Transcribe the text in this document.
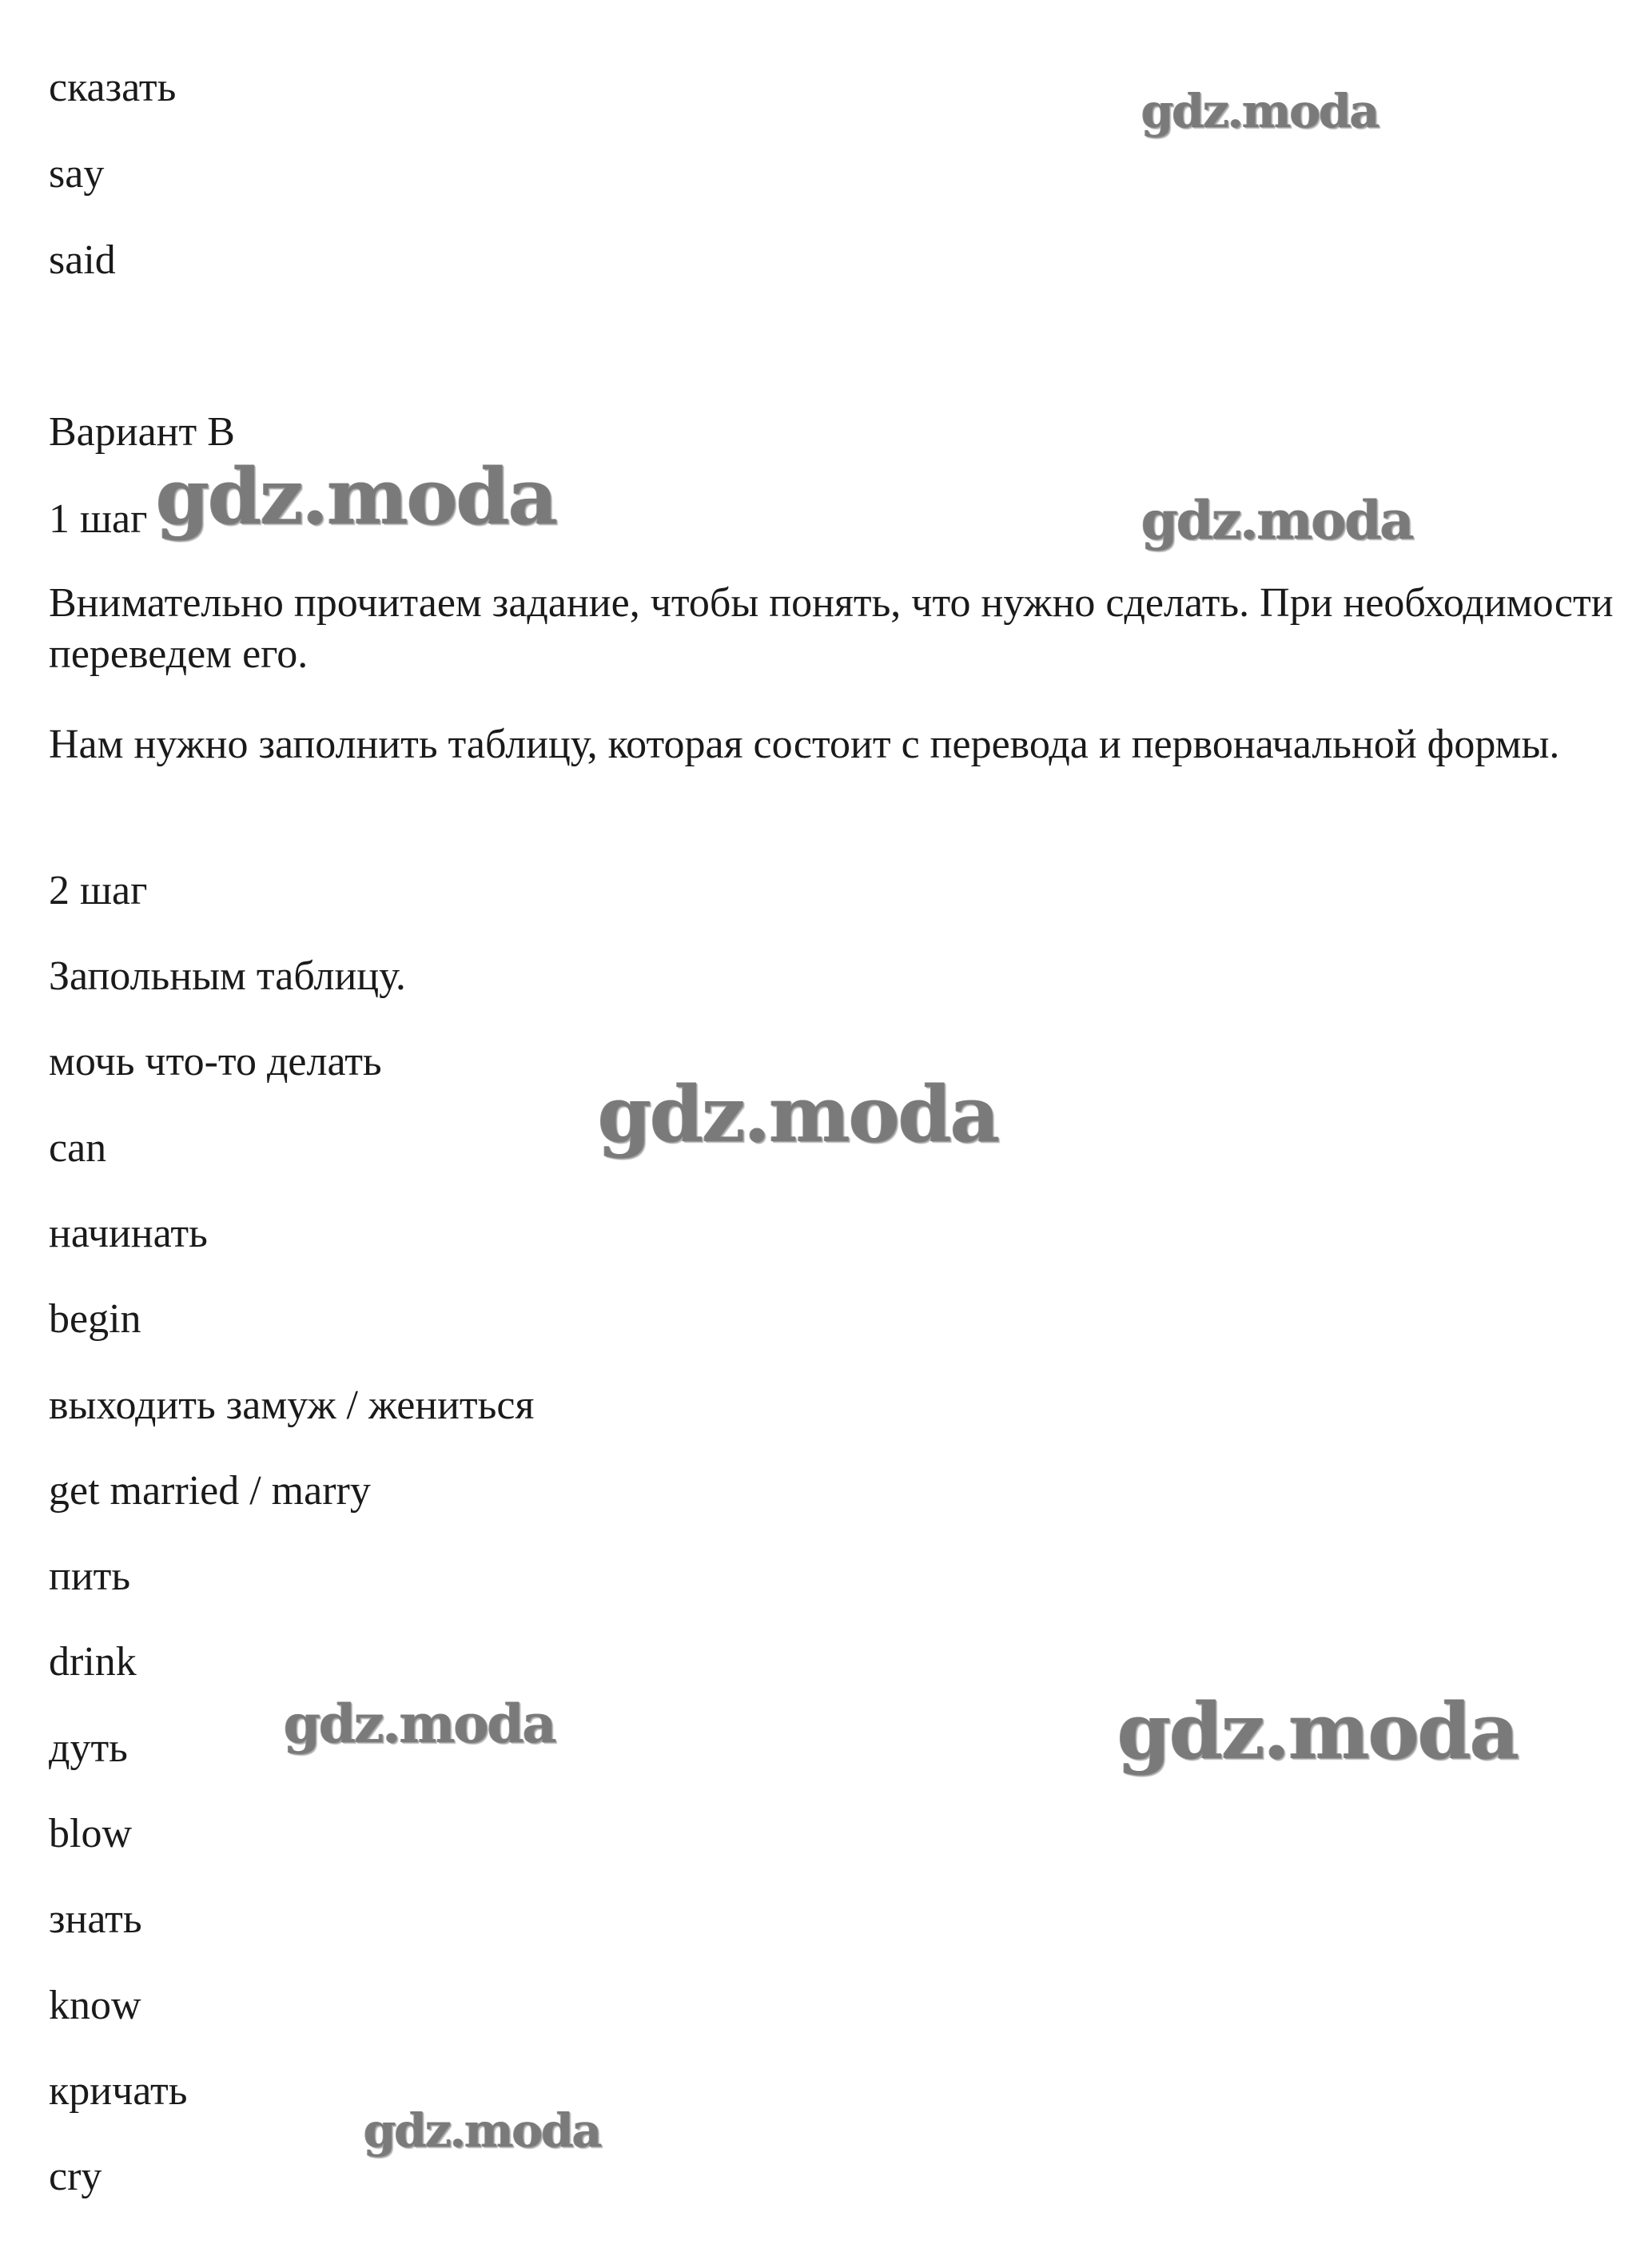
сказать
say
said
Вариант B
1 шаг
Внимательно прочитаем задание, чтобы понять, что нужно сделать. При необходимости переведем его.
Нам нужно заполнить таблицу, которая состоит с перевода и первоначальной формы.
2 шаг
Запольным таблицу.
мочь что-то делать
can
начинать
begin
выходить замуж / жениться
get married / marry
пить
drink
дуть
blow
знать
know
кричать
cry
gdz.moda
gdz.moda	gdz.moda
gdz.moda
gdz.moda	gdz.moda
gdz.moda
